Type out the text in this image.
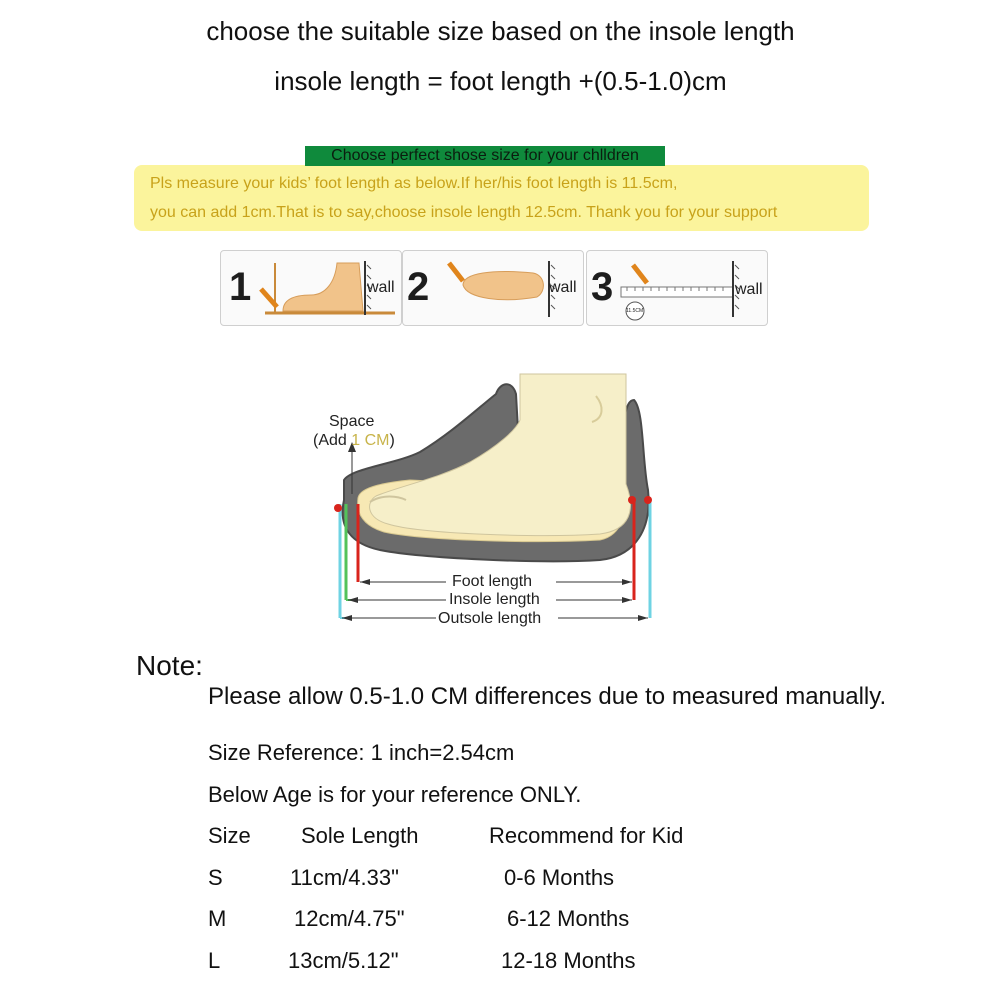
choose the suitable size based on the insole length
insole length = foot length +(0.5-1.0)cm
Choose perfect shose size for your chlldren
Pls measure your kids’ foot length as below.If her/his foot length is 11.5cm,
you can add 1cm.That is to say,choose insole length 12.5cm. Thank you for your support
1	wall 2	wall 3
11.5CM
wall
Space
(Add 1 CM)
Foot length
Insole length
Outsole length
Note:
Please allow 0.5-1.0 CM differences due to measured manually.
Size Reference: 1 inch=2.54cm
Below Age is for your reference ONLY.
Size Sole Length	Recommend for Kid
S	11cm/4.33"	0-6 Months
M	12cm/4.75"	6-12 Months
L	13cm/5.12"	12-18 Months
